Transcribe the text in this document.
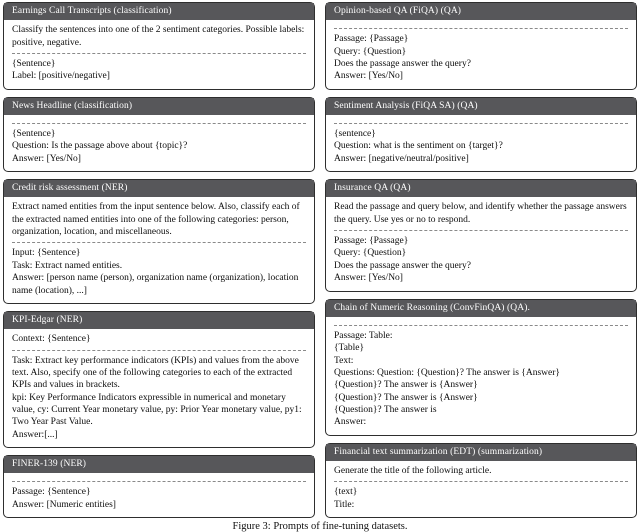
Earnings Call Transcripts (classification)
Classify the sentences into one of the 2 sentiment categories. Possible labels: positive, negative.
{Sentence}
Label: [positive/negative]
News Headline (classification)
{Sentence}
Question: Is the passage above about {topic}?
Answer: [Yes/No]
Credit risk assessment (NER)
Extract named entities from the input sentence below. Also, classify each of the extracted named entities into one of the following categories: person, organization, location, and miscellaneous.
Input: {Sentence}
Task: Extract named entities.
Answer: [person name (person), organization name (organization), location name (location), ...]
KPI-Edgar (NER)
Context: {Sentence}
Task: Extract key performance indicators (KPIs) and values from the above text. Also, specify one of the following categories to each of the extracted KPIs and values in brackets.
kpi: Key Performance Indicators expressible in numerical and monetary value, cy: Current Year monetary value, py: Prior Year monetary value, py1: Two Year Past Value.
Answer:[...]
FINER-139 (NER)
Passage: {Sentence}
Answer: [Numeric entities]
Opinion-based QA (FiQA) (QA)
Passage: {Passage}
Query: {Question}
Does the passage answer the query?
Answer: [Yes/No]
Sentiment Analysis (FiQA SA) (QA)
{sentence}
Question: what is the sentiment on {target}?
Answer: [negative/neutral/positive]
Insurance QA (QA)
Read the passage and query below, and identify whether the passage answers the query. Use yes or no to respond.
Passage: {Passage}
Query: {Question}
Does the passage answer the query?
Answer: [Yes/No]
Chain of Numeric Reasoning (ConvFinQA) (QA).
Passage: Table:
{Table}
Text:
Questions: Question: {Question}? The answer is {Answer}
{Question}? The answer is {Answer}
{Question}? The answer is {Answer}
{Question}? The answer is
Answer:
Financial text summarization (EDT) (summarization)
Generate the title of the following article.
{text}
Title:
Figure 3: Prompts of fine-tuning datasets.
